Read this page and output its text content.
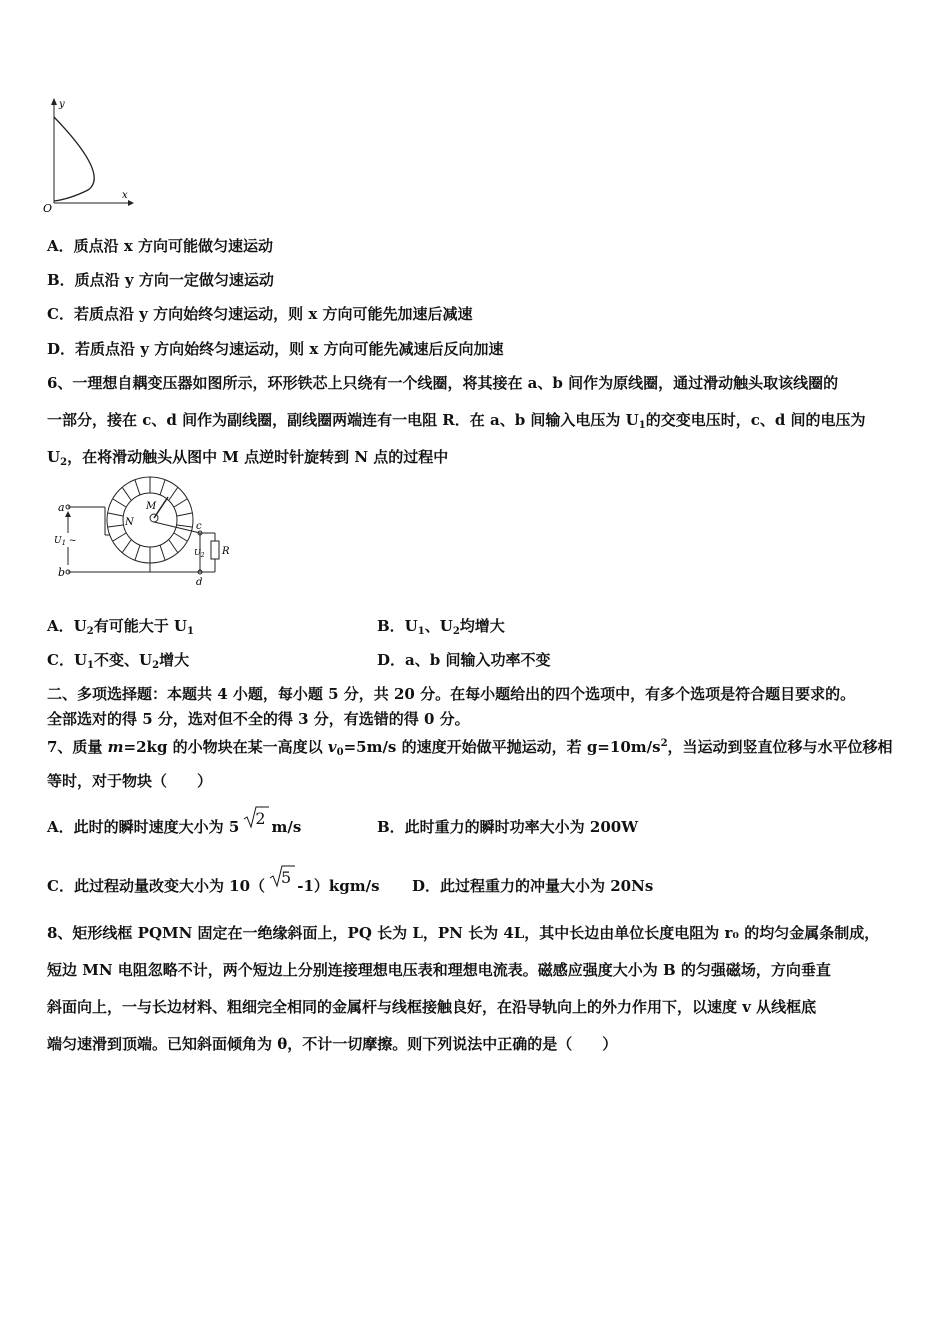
y
x
O
A．质点沿 x 方向可能做匀速运动
B．质点沿 y 方向一定做匀速运动
C．若质点沿 y 方向始终匀速运动，则 x 方向可能先加速后减速
D．若质点沿 y 方向始终匀速运动，则 x 方向可能先减速后反向加速
6、一理想自耦变压器如图所示，环形铁芯上只绕有一个线圈，将其接在 a、b 间作为原线圈，通过滑动触头取该线圈的
一部分，接在 c、d 间作为副线圈，副线圈两端连有一电阻 R．在 a、b 间输入电压为 $U_1$的交变电压时，c、d 间的电压为
$U_2$，在将滑动触头从图中 M 点逆时针旋转到 N 点的过程中
a
b
c
d
M
N
R
$U_1$ ~
$U_2$
A．$U_2$有可能大于 $U_1$	B．$U_1$、$U_2$均增大
C．$U_1$不变、$U_2$增大	D．a、b 间输入功率不变
二、多项选择题：本题共 4 小题，每小题 5 分，共 20 分。在每小题给出的四个选项中，有多个选项是符合题目要求的。
全部选对的得 5 分，选对但不全的得 3 分，有选错的得 0 分。
7、质量 m=2kg 的小物块在某一高度以 $v_0=5m/s$ 的速度开始做平抛运动，若 $g=10m/s^2$，当运动到竖直位移与水平位移相
等时，对于物块（　　）
A．此时的瞬时速度大小为 5 2 m/s	B．此时重力的瞬时功率大小为 200W
C．此过程动量改变大小为 10（ 5 -1）kgm/s D．此过程重力的冲量大小为 20Ns
8、矩形线框 PQMN 固定在一绝缘斜面上，PQ 长为 L，PN 长为 4L，其中长边由单位长度电阻为 r₀ 的均匀金属条制成，
短边 MN 电阻忽略不计，两个短边上分别连接理想电压表和理想电流表。磁感应强度大小为 B 的匀强磁场，方向垂直
斜面向上，一与长边材料、粗细完全相同的金属杆与线框接触良好，在沿导轨向上的外力作用下，以速度 v 从线框底
端匀速滑到顶端。已知斜面倾角为 θ，不计一切摩擦。则下列说法中正确的是（　　）
